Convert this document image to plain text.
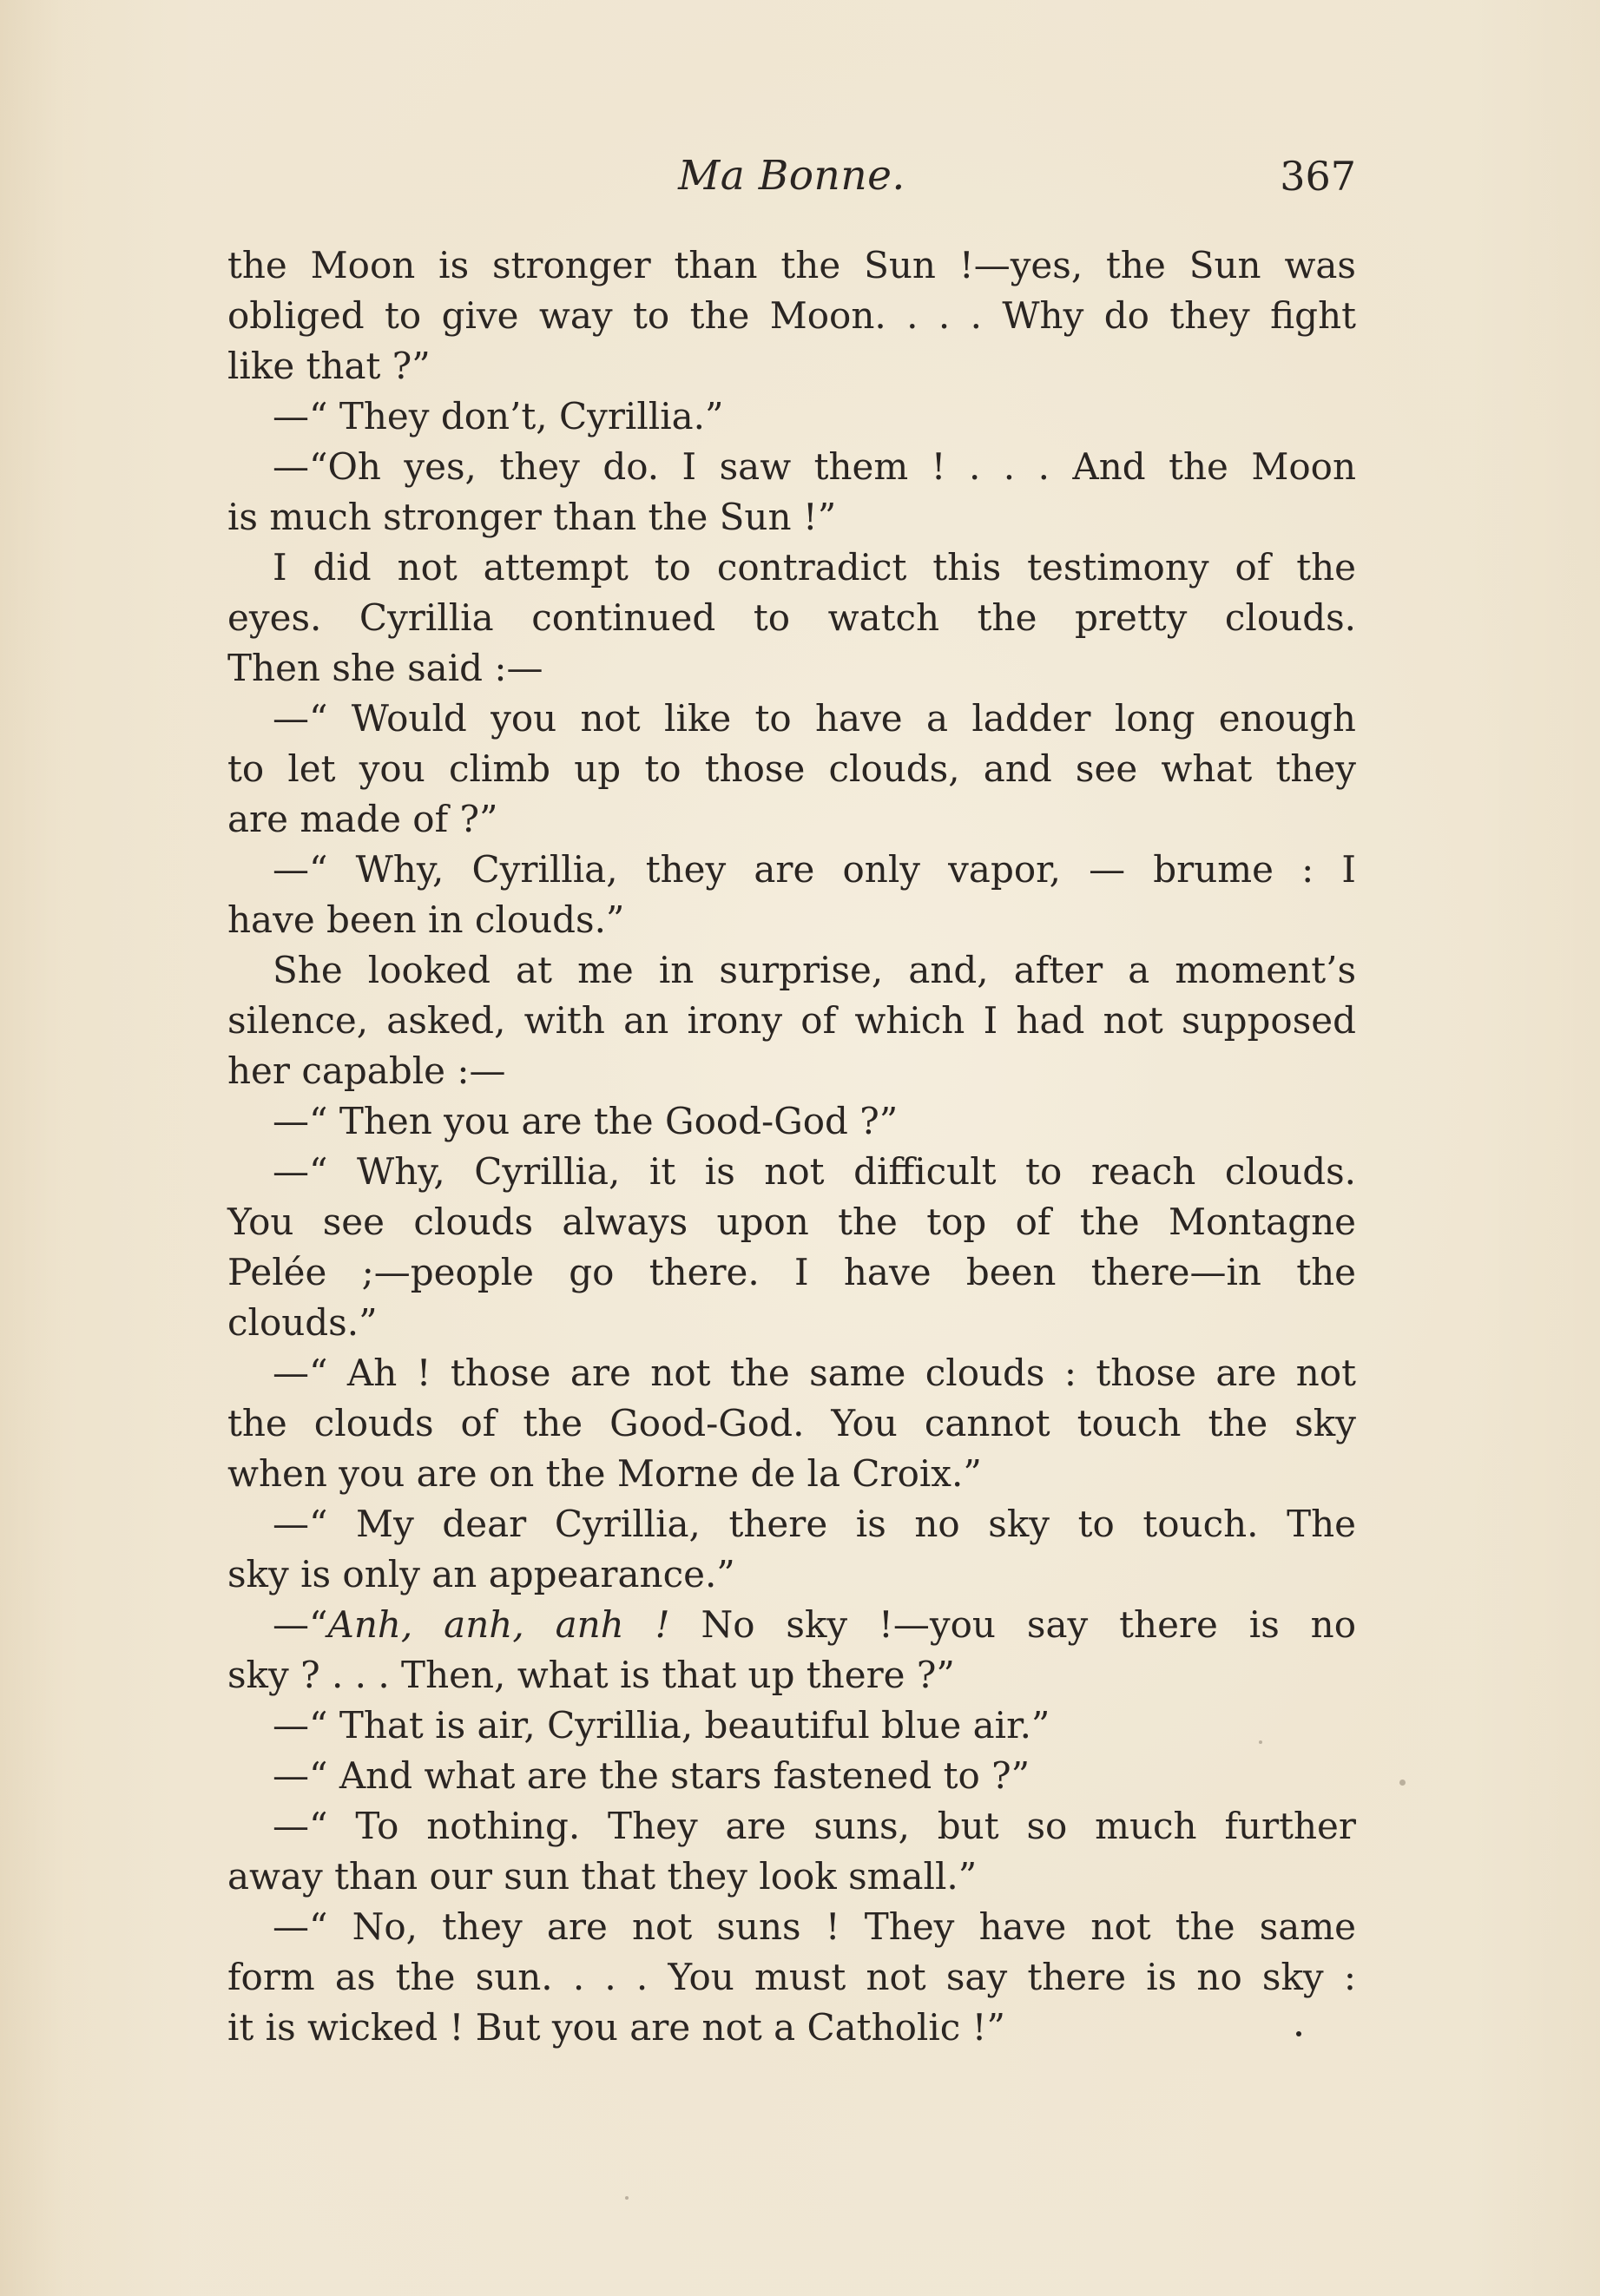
Ma Bonne.	367
the Moon is stronger than the Sun !—yes, the Sun was
obliged to give way to the Moon. . . . Why do they fight
like that ?”
—“ They don’t, Cyrillia.”
—“Oh yes, they do. I saw them ! . . . And the Moon
is much stronger than the Sun !”
I did not attempt to contradict this testimony of the
eyes. Cyrillia continued to watch the pretty clouds.
Then she said :—
—“ Would you not like to have a ladder long enough
to let you climb up to those clouds, and see what they
are made of ?”
—“ Why, Cyrillia, they are only vapor, — brume : I
have been in clouds.”
She looked at me in surprise, and, after a moment’s
silence, asked, with an irony of which I had not supposed
her capable :—
—“ Then you are the Good-God ?”
—“ Why, Cyrillia, it is not difficult to reach clouds.
You see clouds always upon the top of the Montagne
Pelée ;—people go there. I have been there—in the
clouds.”
—“ Ah ! those are not the same clouds : those are not
the clouds of the Good-God. You cannot touch the sky
when you are on the Morne de la Croix.”
—“ My dear Cyrillia, there is no sky to touch. The
sky is only an appearance.”
—“Anh, anh, anh ! No sky !—you say there is no
sky ? . . . Then, what is that up there ?”
—“ That is air, Cyrillia, beautiful blue air.”
—“ And what are the stars fastened to ?”
—“ To nothing. They are suns, but so much further
away than our sun that they look small.”
—“ No, they are not suns ! They have not the same
form as the sun. . . . You must not say there is no sky :
it is wicked ! But you are not a Catholic !”
